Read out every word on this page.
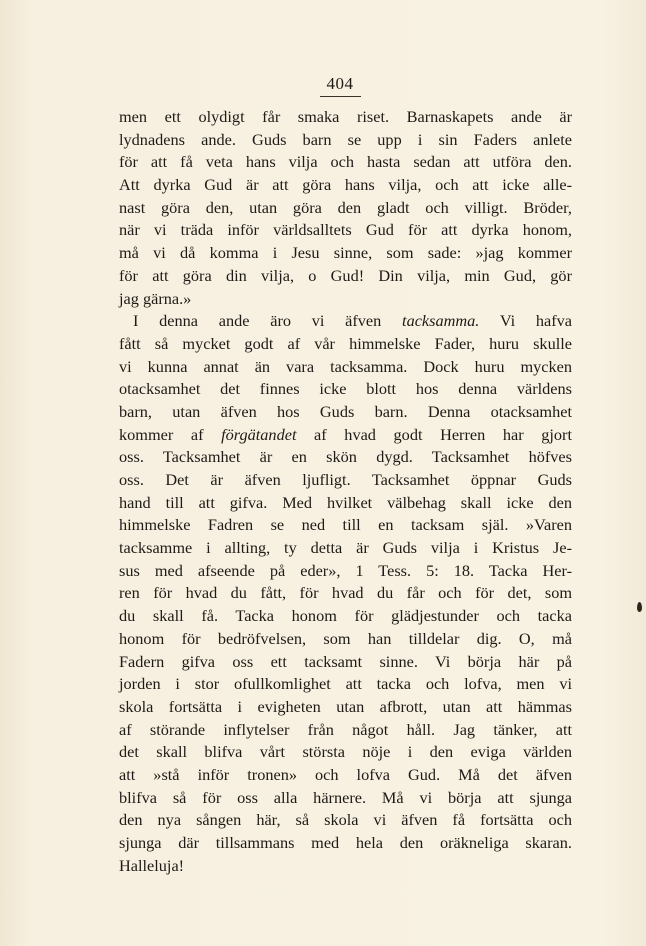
404
men ett olydigt får smaka riset. Barnaskapets ande är
lydnadens ande. Guds barn se upp i sin Faders anlete
för att få veta hans vilja och hasta sedan att utföra den.
Att dyrka Gud är att göra hans vilja, och att icke alle-
nast göra den, utan göra den gladt och villigt. Bröder,
när vi träda inför världsalltets Gud för att dyrka honom,
må vi då komma i Jesu sinne, som sade: »jag kommer
för att göra din vilja, o Gud! Din vilja, min Gud, gör
jag gärna.»
I denna ande äro vi äfven tacksamma. Vi hafva
fått så mycket godt af vår himmelske Fader, huru skulle
vi kunna annat än vara tacksamma. Dock huru mycken
otacksamhet det finnes icke blott hos denna världens
barn, utan äfven hos Guds barn. Denna otacksamhet
kommer af förgätandet af hvad godt Herren har gjort
oss. Tacksamhet är en skön dygd. Tacksamhet höfves
oss. Det är äfven ljufligt. Tacksamhet öppnar Guds
hand till att gifva. Med hvilket välbehag skall icke den
himmelske Fadren se ned till en tacksam själ. »Varen
tacksamme i allting, ty detta är Guds vilja i Kristus Je-
sus med afseende på eder», 1 Tess. 5: 18. Tacka Her-
ren för hvad du fått, för hvad du får och för det, som
du skall få. Tacka honom för glädjestunder och tacka
honom för bedröfvelsen, som han tilldelar dig. O, må
Fadern gifva oss ett tacksamt sinne. Vi börja här på
jorden i stor ofullkomlighet att tacka och lofva, men vi
skola fortsätta i evigheten utan afbrott, utan att hämmas
af störande inflytelser från något håll. Jag tänker, att
det skall blifva vårt största nöje i den eviga världen
att »stå inför tronen» och lofva Gud. Må det äfven
blifva så för oss alla härnere. Må vi börja att sjunga
den nya sången här, så skola vi äfven få fortsätta och
sjunga där tillsammans med hela den oräkneliga skaran.
Halleluja!
